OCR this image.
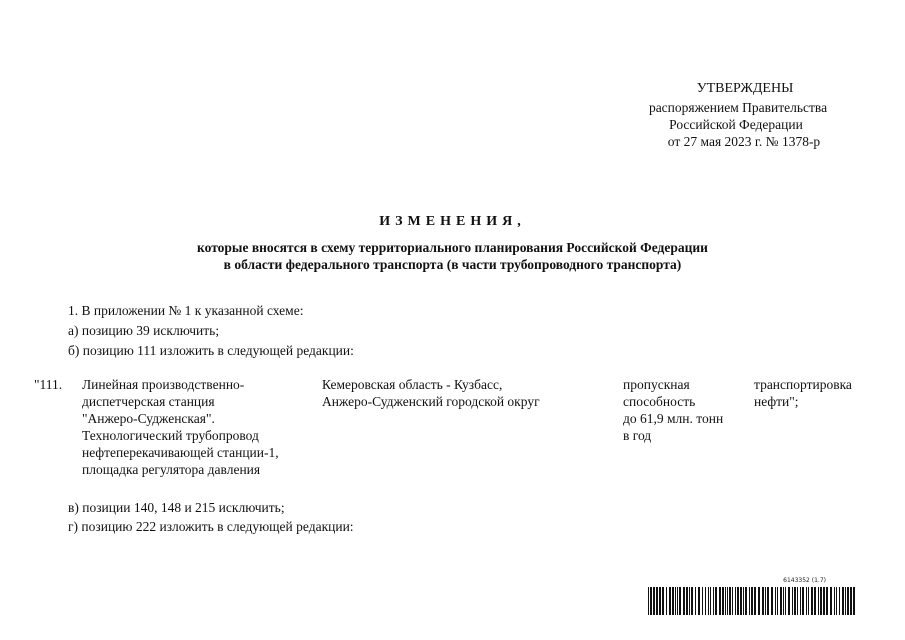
УТВЕРЖДЕНЫ
распоряжением Правительства
Российской Федерации
от 27 мая 2023 г. № 1378-р
ИЗМЕНЕНИЯ,
которые вносятся в схему территориального планирования Российской Федерации
в области федерального транспорта (в части трубопроводного транспорта)
1. В приложении № 1 к указанной схеме:
а) позицию 39 исключить;
б) позицию 111 изложить в следующей редакции:
"111. Линейная производственно-
диспетчерская станция
"Анжеро-Судженская".
Технологический трубопровод
нефтеперекачивающей станции-1,
площадка регулятора давления
Кемеровская область - Кузбасс,
Анжеро-Судженский городской округ
пропускная
способность
до 61,9 млн. тонн
в год
транспортировка
нефти";
в) позиции 140, 148 и 215 исключить;
г) позицию 222 изложить в следующей редакции:
6143352 (1.7)
